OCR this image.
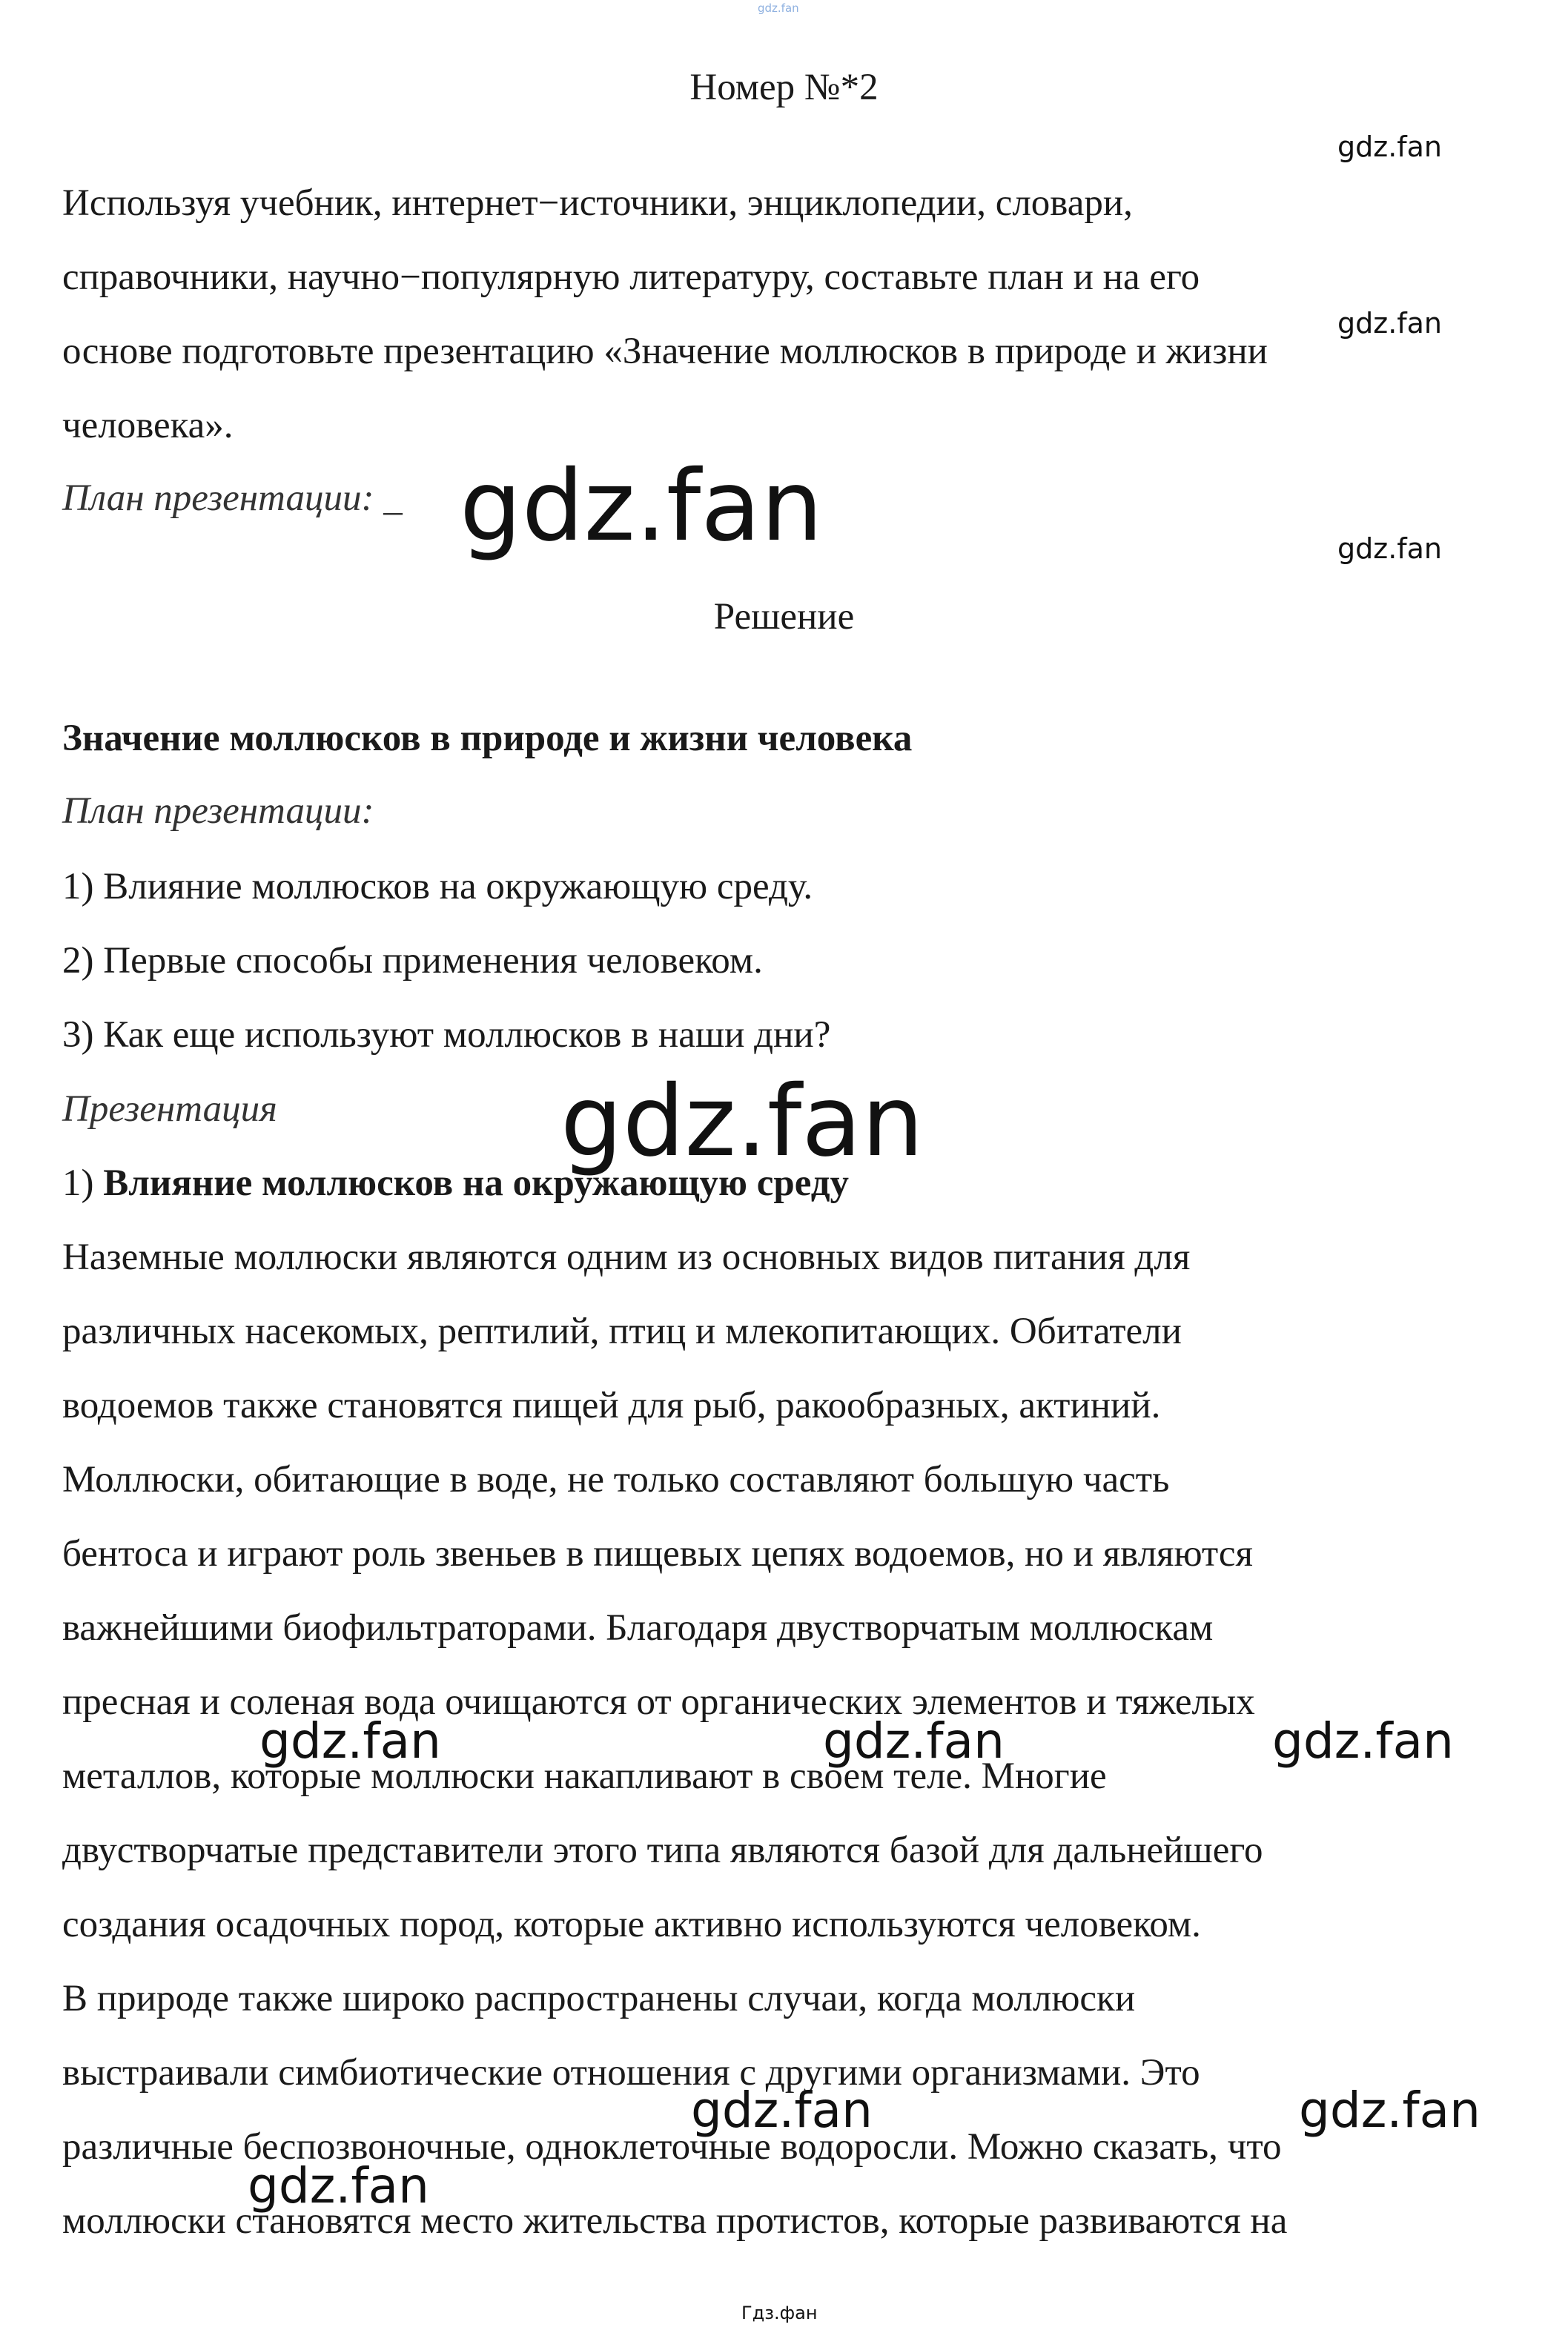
gdz.fan
Номер №*2
Используя учебник, интернет−источники, энциклопедии, словари,
справочники, научно−популярную литературу, составьте план и на его
основе подготовьте презентацию «Значение моллюсков в природе и жизни
человека».
План презентации: _
Решение
Значение моллюсков в природе и жизни человека
План презентации:
1) Влияние моллюсков на окружающую среду.
2) Первые способы применения человеком.
3) Как еще используют моллюсков в наши дни?
Презентация
1) Влияние моллюсков на окружающую среду
Наземные моллюски являются одним из основных видов питания для
различных насекомых, рептилий, птиц и млекопитающих. Обитатели
водоемов также становятся пищей для рыб, ракообразных, актиний.
Моллюски, обитающие в воде, не только составляют большую часть
бентоса и играют роль звеньев в пищевых цепях водоемов, но и являются
важнейшими биофильтраторами. Благодаря двустворчатым моллюскам
пресная и соленая вода очищаются от органических элементов и тяжелых
металлов, которые моллюски накапливают в своем теле. Многие
двустворчатые представители этого типа являются базой для дальнейшего
создания осадочных пород, которые активно используются человеком.
В природе также широко распространены случаи, когда моллюски
выстраивали симбиотические отношения с другими организмами. Это
различные беспозвоночные, одноклеточные водоросли. Можно сказать, что
моллюски становятся место жительства протистов, которые развиваются на
gdz.fan
gdz.fan
gdz.fan
gdz.fan
gdz.fan
gdz.fan	gdz.fan	gdz.fan
gdz.fan	gdz.fan
gdz.fan
Гдз.фан
